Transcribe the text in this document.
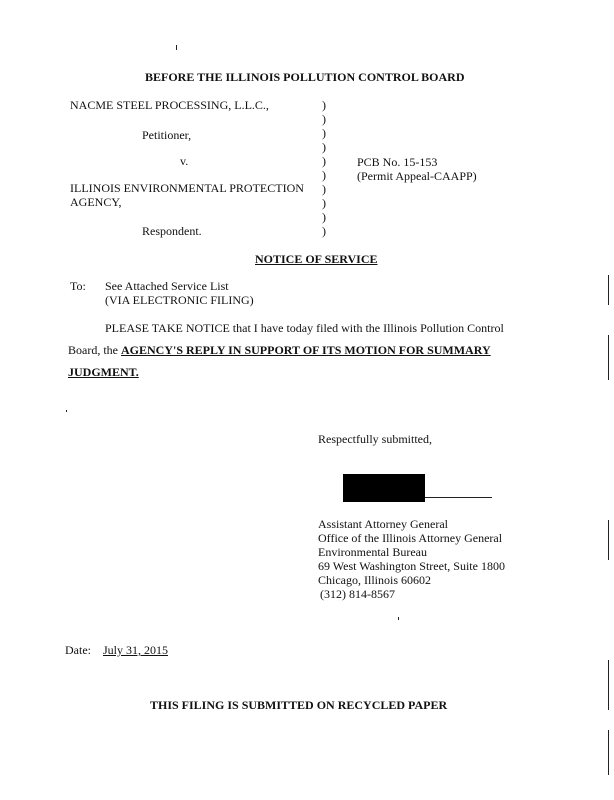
BEFORE THE ILLINOIS POLLUTION CONTROL BOARD
NACME STEEL PROCESSING, L.L.C.,
Petitioner,
v.
ILLINOIS ENVIRONMENTAL PROTECTION
AGENCY,
Respondent.
)
)
)
)
)
)
)
)
)
)
PCB No. 15-153
(Permit Appeal-CAAPP)
NOTICE OF SERVICE
To: See Attached Service List
(VIA ELECTRONIC FILING)
PLEASE TAKE NOTICE that I have today filed with the Illinois Pollution Control
Board, the AGENCY'S REPLY IN SUPPORT OF ITS MOTION FOR SUMMARY
JUDGMENT.
Respectfully submitted,
Assistant Attorney General
Office of the Illinois Attorney General
Environmental Bureau
69 West Washington Street, Suite 1800
Chicago, Illinois 60602
(312) 814-8567
Date: July 31, 2015
THIS FILING IS SUBMITTED ON RECYCLED PAPER
